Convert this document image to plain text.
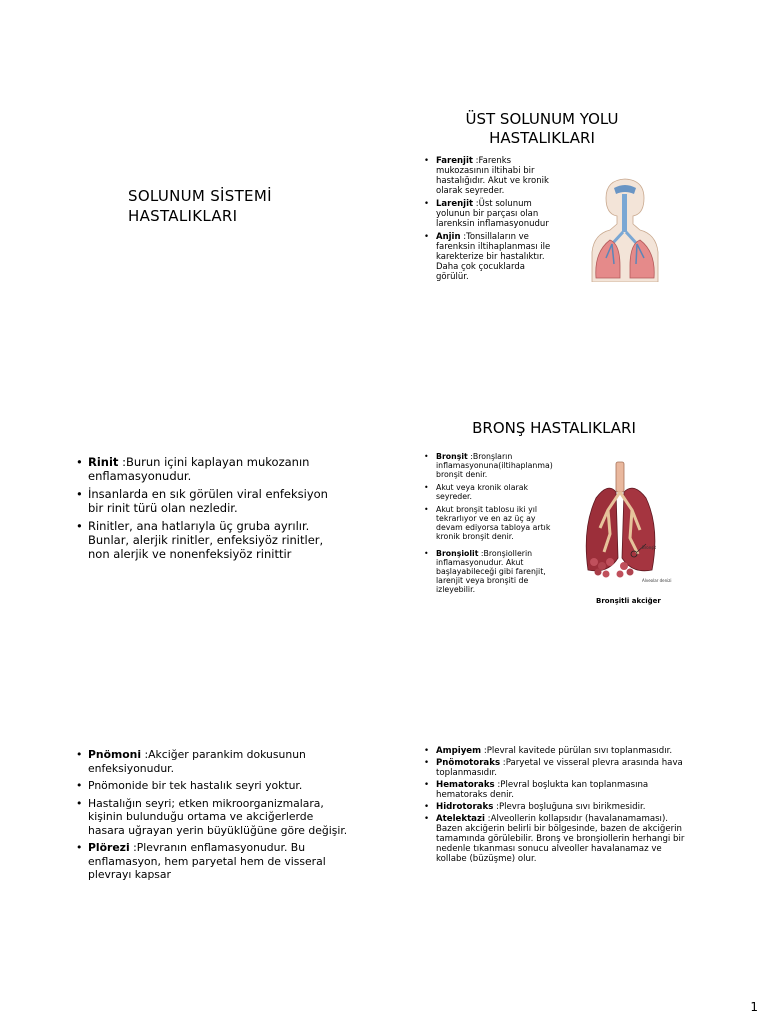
SOLUNUM SİSTEMİ HASTALIKLARI
ÜST SOLUNUM YOLU HASTALIKLARI
• Farenjit :Farenks mukozasının iltihabi bir hastalığıdır. Akut ve kronik olarak seyreder.
• Larenjit :Üst solunum yolunun bir parçası olan larenksin inflamasyonudur
• Anjin :Tonsillaların ve farenksin iltihaplanması ile karekterize bir hastalıktır. Daha çok çocuklarda görülür.
• Rinit :Burun içini kaplayan mukozanın enflamasyonudur.
• İnsanlarda en sık görülen viral enfeksiyon bir rinit türü olan nezledir.
• Rinitler, ana hatlarıyla üç gruba ayrılır. Bunlar, alerjik rinitler, enfeksiyöz rinitler, non alerjik ve nonenfeksiyöz rinittir
BRONŞ HASTALIKLARI
• Bronşit :Bronşların inflamasyonuna(iltihaplanma) bronşit denir.
• Akut veya kronik olarak seyreder.
• Akut bronşit tablosu iki yıl tekrarlıyor ve en az üç ay devam ediyorsa tabloya artık kronik bronşit denir.
• Bronşiolit :Bronşiollerin inflamasyonudur. Akut başlayabileceği gibi farenjit, larenjit veya bronşiti de izleyebilir.
Bronşit
Alveolar denizi
Bronşitli akciğer
• Pnömoni :Akciğer parankim dokusunun enfeksiyonudur.
• Pnömonide bir tek hastalık seyri yoktur.
• Hastalığın seyri; etken mikroorganizmalara, kişinin bulunduğu ortama ve akciğerlerde hasara uğrayan yerin büyüklüğüne göre değişir.
• Plörezi :Plevranın enflamasyonudur. Bu enflamasyon, hem paryetal hem de visseral plevrayı kapsar
• Ampiyem :Plevral kavitede pürülan sıvı toplanmasıdır.
• Pnömotoraks :Paryetal ve visseral plevra arasında hava toplanmasıdır.
• Hematoraks :Plevral boşlukta kan toplanmasına hematoraks denir.
• Hidrotoraks :Plevra boşluğuna sıvı birikmesidir.
• Atelektazi :Alveollerin kollapsıdır (havalanamaması). Bazen akciğerin belirli bir bölgesinde, bazen de akciğerin tamamında görülebilir. Bronş ve bronşiollerin herhangi bir nedenle tıkanması sonucu alveoller havalanamaz ve kollabe (büzüşme) olur.
1
